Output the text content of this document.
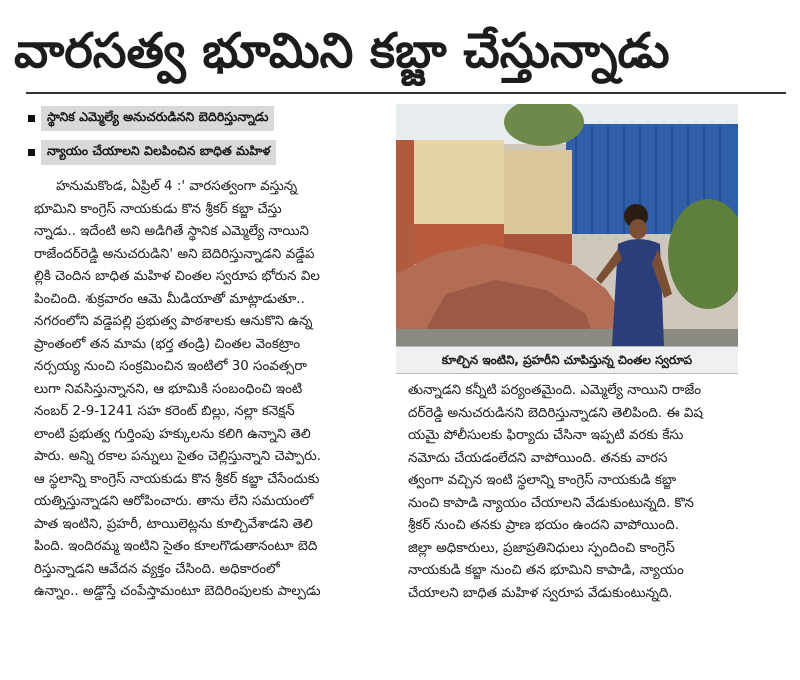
వారసత్వ భూమిని కబ్జా చేస్తున్నాడు
స్థానిక ఎమ్మెల్యే అనుచరుడినని బెదిరిస్తున్నాడు
న్యాయం చేయాలని విలపించిన బాధిత మహిళ
హనుమకొండ, ఏప్రిల్ 4 :' వారసత్వంగా వస్తున్న
భూమిని కాంగ్రెస్ నాయకుడు కొన శ్రీకర్ కబ్జా చేస్తు
న్నాడు.. ఇదేంటి అని అడిగితే స్థానిక ఎమ్మెల్యే నాయిని
రాజేందర్‌రెడ్డి అనుచరుడిని' అని బెదిరిస్తున్నాడని వడ్డేప
ల్లికి చెందిన బాధిత మహిళ చింతల స్వరూప భోరున విల
పించింది. శుక్రవారం ఆమె మీడియాతో మాట్లాడుతూ..
నగరంలోని వడ్డెపల్లి ప్రభుత్వ పాఠశాలకు ఆనుకొని ఉన్న
ప్రాంతంలో తన మామ (భర్త తండ్రి) చింతల వెంకట్రాం
నర్సయ్య నుంచి సంక్రమించిన ఇంటిలో 30 సంవత్సరా
లుగా నివసిస్తున్నానని, ఆ భూమికి సంబంధించి ఇంటి
నంబర్ 2-9-1241 సహ కరెంట్ బిల్లు, నల్లా కనెక్షన్
లాంటి ప్రభుత్వ గుర్తింపు హక్కులను కలిగి ఉన్నాని తెలి
పారు. అన్ని రకాల పన్నులు సైతం చెల్లిస్తున్నాని చెప్పారు.
ఆ స్థలాన్ని కాంగ్రెస్ నాయకుడు కొన శ్రీకర్ కబ్జా చేసేందుకు
యత్నిస్తున్నాడని ఆరోపించారు. తాను లేని సమయంలో
పాత ఇంటిని, ప్రహరీ, టాయిలెట్లను కూల్చివేశాడని తెలి
పింది. ఇందిరమ్మ ఇంటిని సైతం కూలగొడుతానంటూ బెది
రిస్తున్నాడని ఆవేదన వ్యక్తం చేసింది. అధికారంలో
ఉన్నాం.. అడ్డొస్తే చంపేస్తామంటూ బెదిరింపులకు పాల్పడు
కూల్చిన ఇంటిని, ప్రహరీని చూపిస్తున్న చింతల స్వరూప
తున్నాడని కన్నీటి పర్యంతమైంది. ఎమ్మెల్యే నాయిని రాజేం
దర్‌రెడ్డి అనుచరుడినని బెదిరిస్తున్నాడని తెలిపింది. ఈ విష
యమై పోలీసులకు ఫిర్యాదు చేసినా ఇప్పటి వరకు కేసు
నమోదు చేయడంలేదని వాపోయింది. తనకు వారస
త్వంగా వచ్చిన ఇంటి స్థలాన్ని కాంగ్రెస్ నాయకుడి కబ్జా
నుంచి కాపాడి న్యాయం చేయాలని వేడుకుంటున్నది. కొన
శ్రీకర్ నుంచి తనకు ప్రాణ భయం ఉందని వాపోయింది.
జిల్లా అధికారులు, ప్రజాప్రతినిధులు స్పందించి కాంగ్రెస్
నాయకుడి కబ్జా నుంచి తన భూమిని కాపాడి, న్యాయం
చేయాలని బాధిత మహిళ స్వరూప వేడుకుంటున్నది.
